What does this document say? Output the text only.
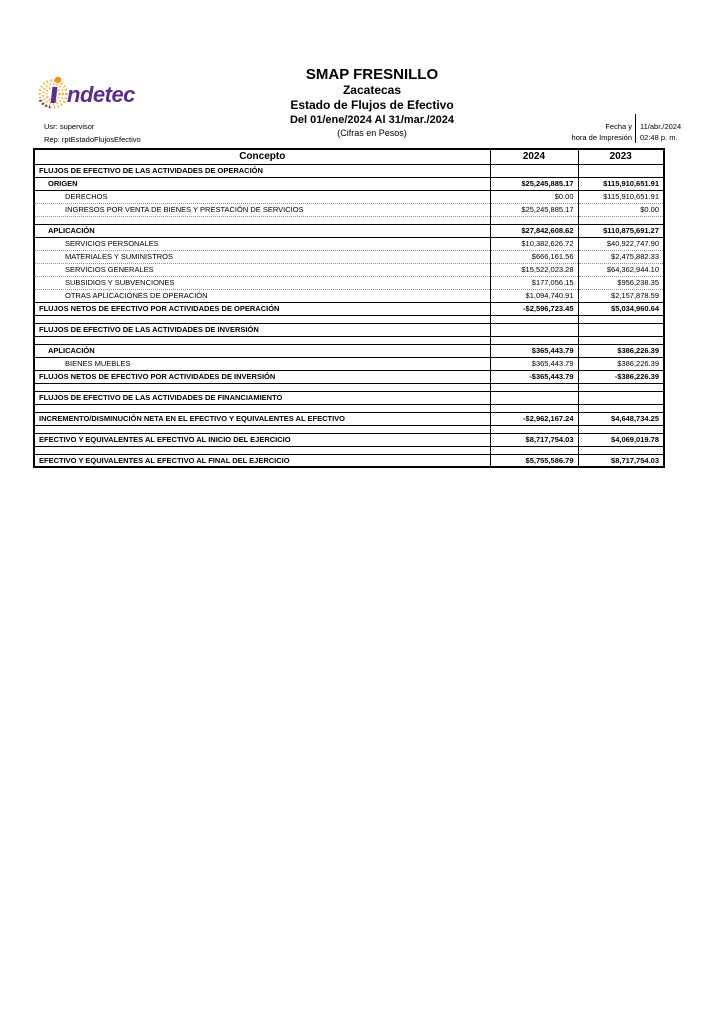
ndetec
Usr: supervisor
Rep: rptEstadoFlujosEfectivo
SMAP FRESNILLO
Zacatecas
Estado de Flujos de Efectivo
Del 01/ene/2024 Al 31/mar./2024
(Cifras en Pesos)
Fecha y
hora de Impresión
11/abr./2024
02:48 p. m.
Concepto	2024	2023
FLUJOS DE EFECTIVO DE LAS ACTIVIDADES DE OPERACIÓN		
ORIGEN	$25,245,885.17	$115,910,651.91
DERECHOS	$0.00	$115,910,651.91
INGRESOS POR VENTA DE BIENES Y PRESTACIÓN DE SERVICIOS	$25,245,885.17	$0.00

APLICACIÓN	$27,842,608.62	$110,875,691.27
SERVICIOS PERSONALES	$10,382,626.72	$40,922,747.90
MATERIALES Y SUMINISTROS	$666,161.56	$2,475,882.33
SERVICIOS GENERALES	$15,522,023.28	$64,362,944.10
SUBSIDIOS Y SUBVENCIONES	$177,056.15	$956,238.35
OTRAS APLICACIONES DE OPERACIÓN	$1,094,740.91	$2,157,878.59
FLUJOS NETOS DE EFECTIVO POR ACTIVIDADES DE OPERACIÓN	-$2,596,723.45	$5,034,960.64

FLUJOS DE EFECTIVO DE LAS ACTIVIDADES DE INVERSIÓN		

APLICACIÓN	$365,443.79	$386,226.39
BIENES MUEBLES	$365,443.79	$386,226.39
FLUJOS NETOS DE EFECTIVO POR ACTIVIDADES DE INVERSIÓN	-$365,443.79	-$386,226.39

FLUJOS DE EFECTIVO DE LAS ACTIVIDADES DE FINANCIAMIENTO		

INCREMENTO/DISMINUCIÓN NETA EN EL EFECTIVO Y EQUIVALENTES AL EFECTIVO	-$2,962,167.24	$4,648,734.25

EFECTIVO Y EQUIVALENTES AL EFECTIVO AL INICIO DEL EJERCICIO	$8,717,754.03	$4,069,019.78

EFECTIVO Y EQUIVALENTES AL EFECTIVO AL FINAL DEL EJERCICIO	$5,755,586.79	$8,717,754.03
